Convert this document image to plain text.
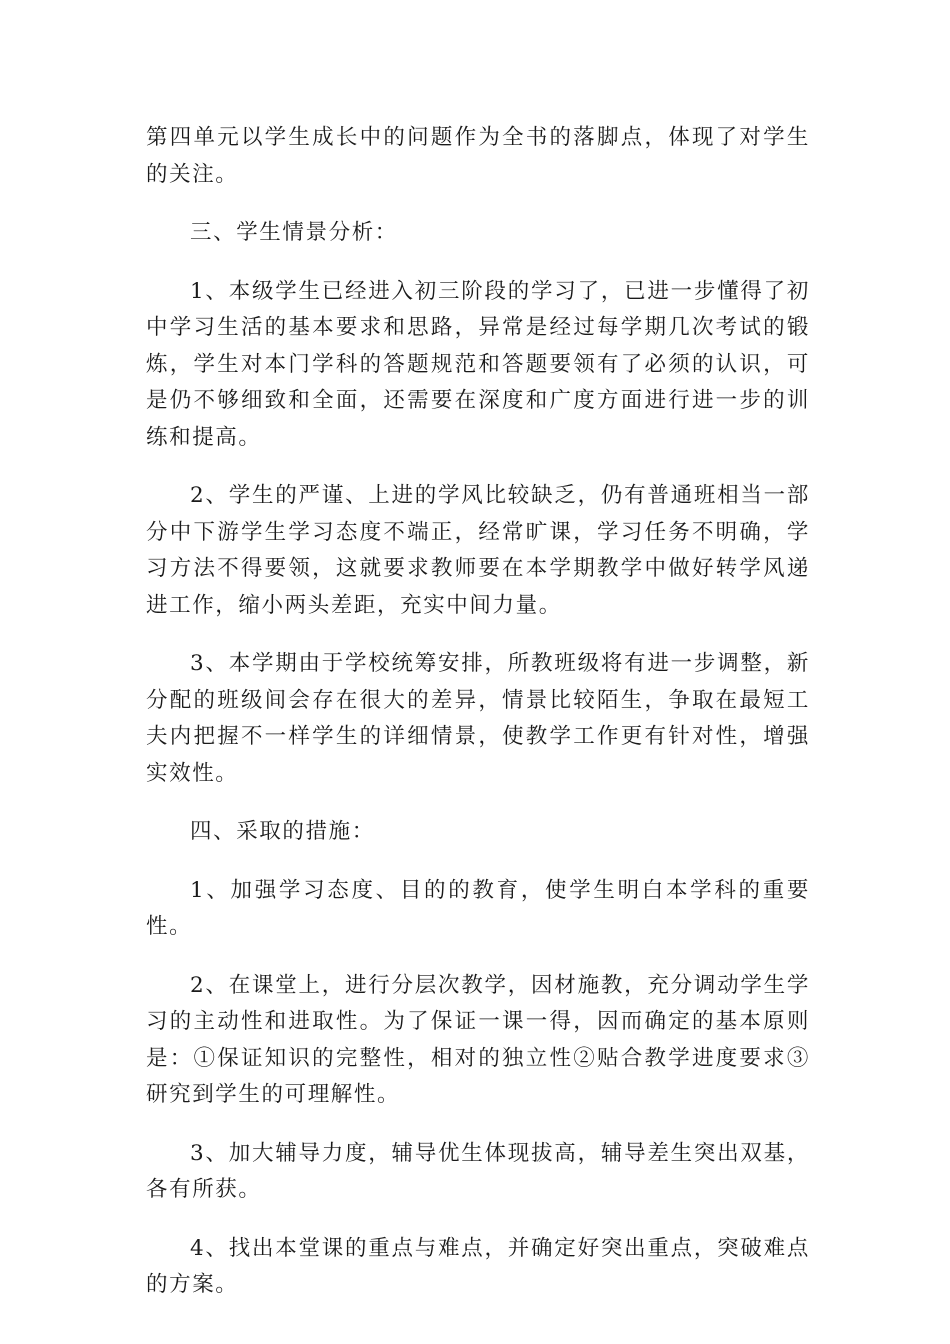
第四单元以学生成长中的问题作为全书的落脚点，体现了对学生的关注。

三、学生情景分析：

1、本级学生已经进入初三阶段的学习了，已进一步懂得了初中学习生活的基本要求和思路，异常是经过每学期几次考试的锻炼，学生对本门学科的答题规范和答题要领有了必须的认识，可是仍不够细致和全面，还需要在深度和广度方面进行进一步的训练和提高。

2、学生的严谨、上进的学风比较缺乏，仍有普通班相当一部分中下游学生学习态度不端正，经常旷课，学习任务不明确，学习方法不得要领，这就要求教师要在本学期教学中做好转学风递进工作，缩小两头差距，充实中间力量。

3、本学期由于学校统筹安排，所教班级将有进一步调整，新分配的班级间会存在很大的差异，情景比较陌生，争取在最短工夫内把握不一样学生的详细情景，使教学工作更有针对性，增强实效性。

四、采取的措施：

1、加强学习态度、目的的教育，使学生明白本学科的重要性。

2、在课堂上，进行分层次教学，因材施教，充分调动学生学习的主动性和进取性。为了保证一课一得，因而确定的基本原则是：①保证知识的完整性，相对的独立性②贴合教学进度要求③研究到学生的可理解性。

3、加大辅导力度，辅导优生体现拔高，辅导差生突出双基，各有所获。

4、找出本堂课的重点与难点，并确定好突出重点，突破难点的方案。
